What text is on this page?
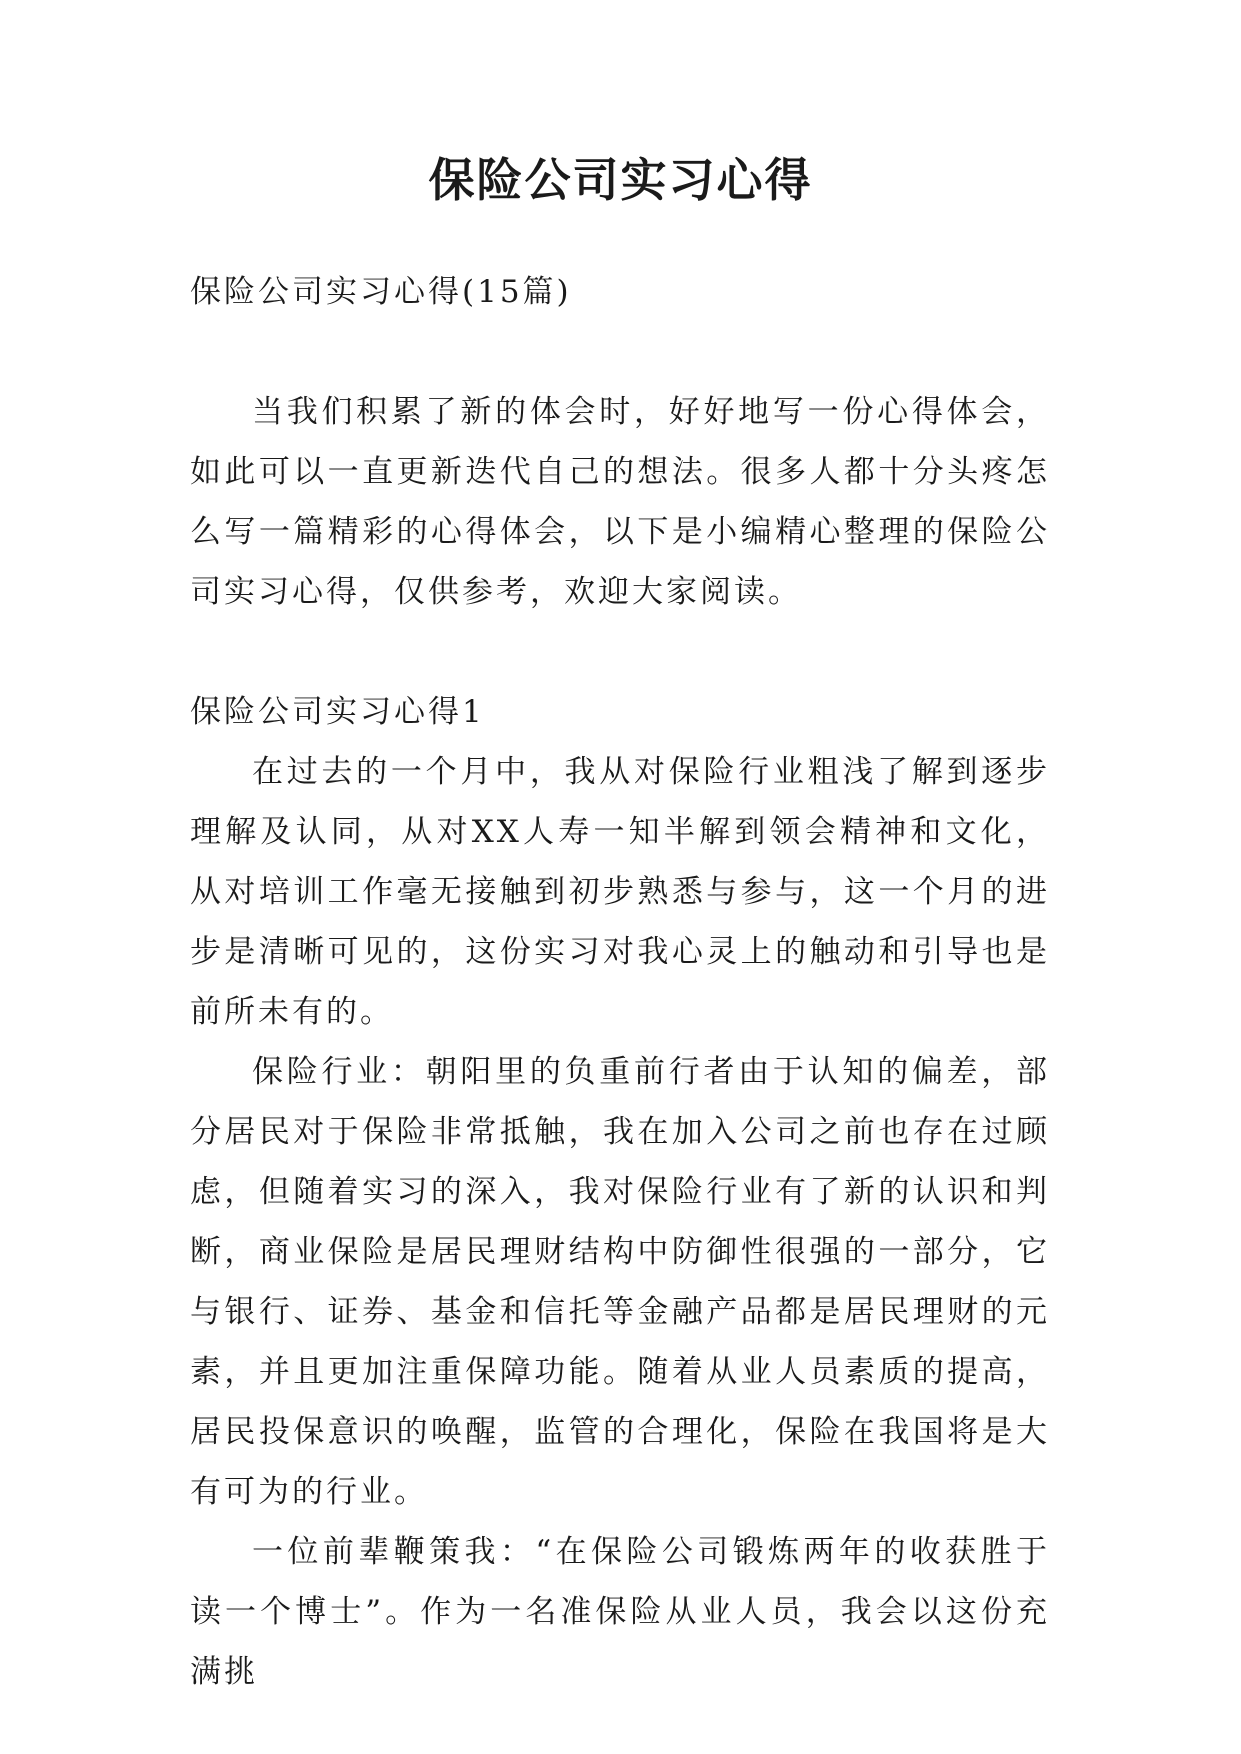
保险公司实习心得

保险公司实习心得(15篇)

当我们积累了新的体会时，好好地写一份心得体会，如此可以一直更新迭代自己的想法。很多人都十分头疼怎么写一篇精彩的心得体会，以下是小编精心整理的保险公司实习心得，仅供参考，欢迎大家阅读。

保险公司实习心得1

在过去的一个月中，我从对保险行业粗浅了解到逐步理解及认同，从对XX人寿一知半解到领会精神和文化，从对培训工作毫无接触到初步熟悉与参与，这一个月的进步是清晰可见的，这份实习对我心灵上的触动和引导也是前所未有的。

保险行业：朝阳里的负重前行者由于认知的偏差，部分居民对于保险非常抵触，我在加入公司之前也存在过顾虑，但随着实习的深入，我对保险行业有了新的认识和判断，商业保险是居民理财结构中防御性很强的一部分，它与银行、证券、基金和信托等金融产品都是居民理财的元素，并且更加注重保障功能。随着从业人员素质的提高，居民投保意识的唤醒，监管的合理化，保险在我国将是大有可为的行业。

一位前辈鞭策我：“在保险公司锻炼两年的收获胜于读一个博士”。作为一名准保险从业人员，我会以这份充满挑
